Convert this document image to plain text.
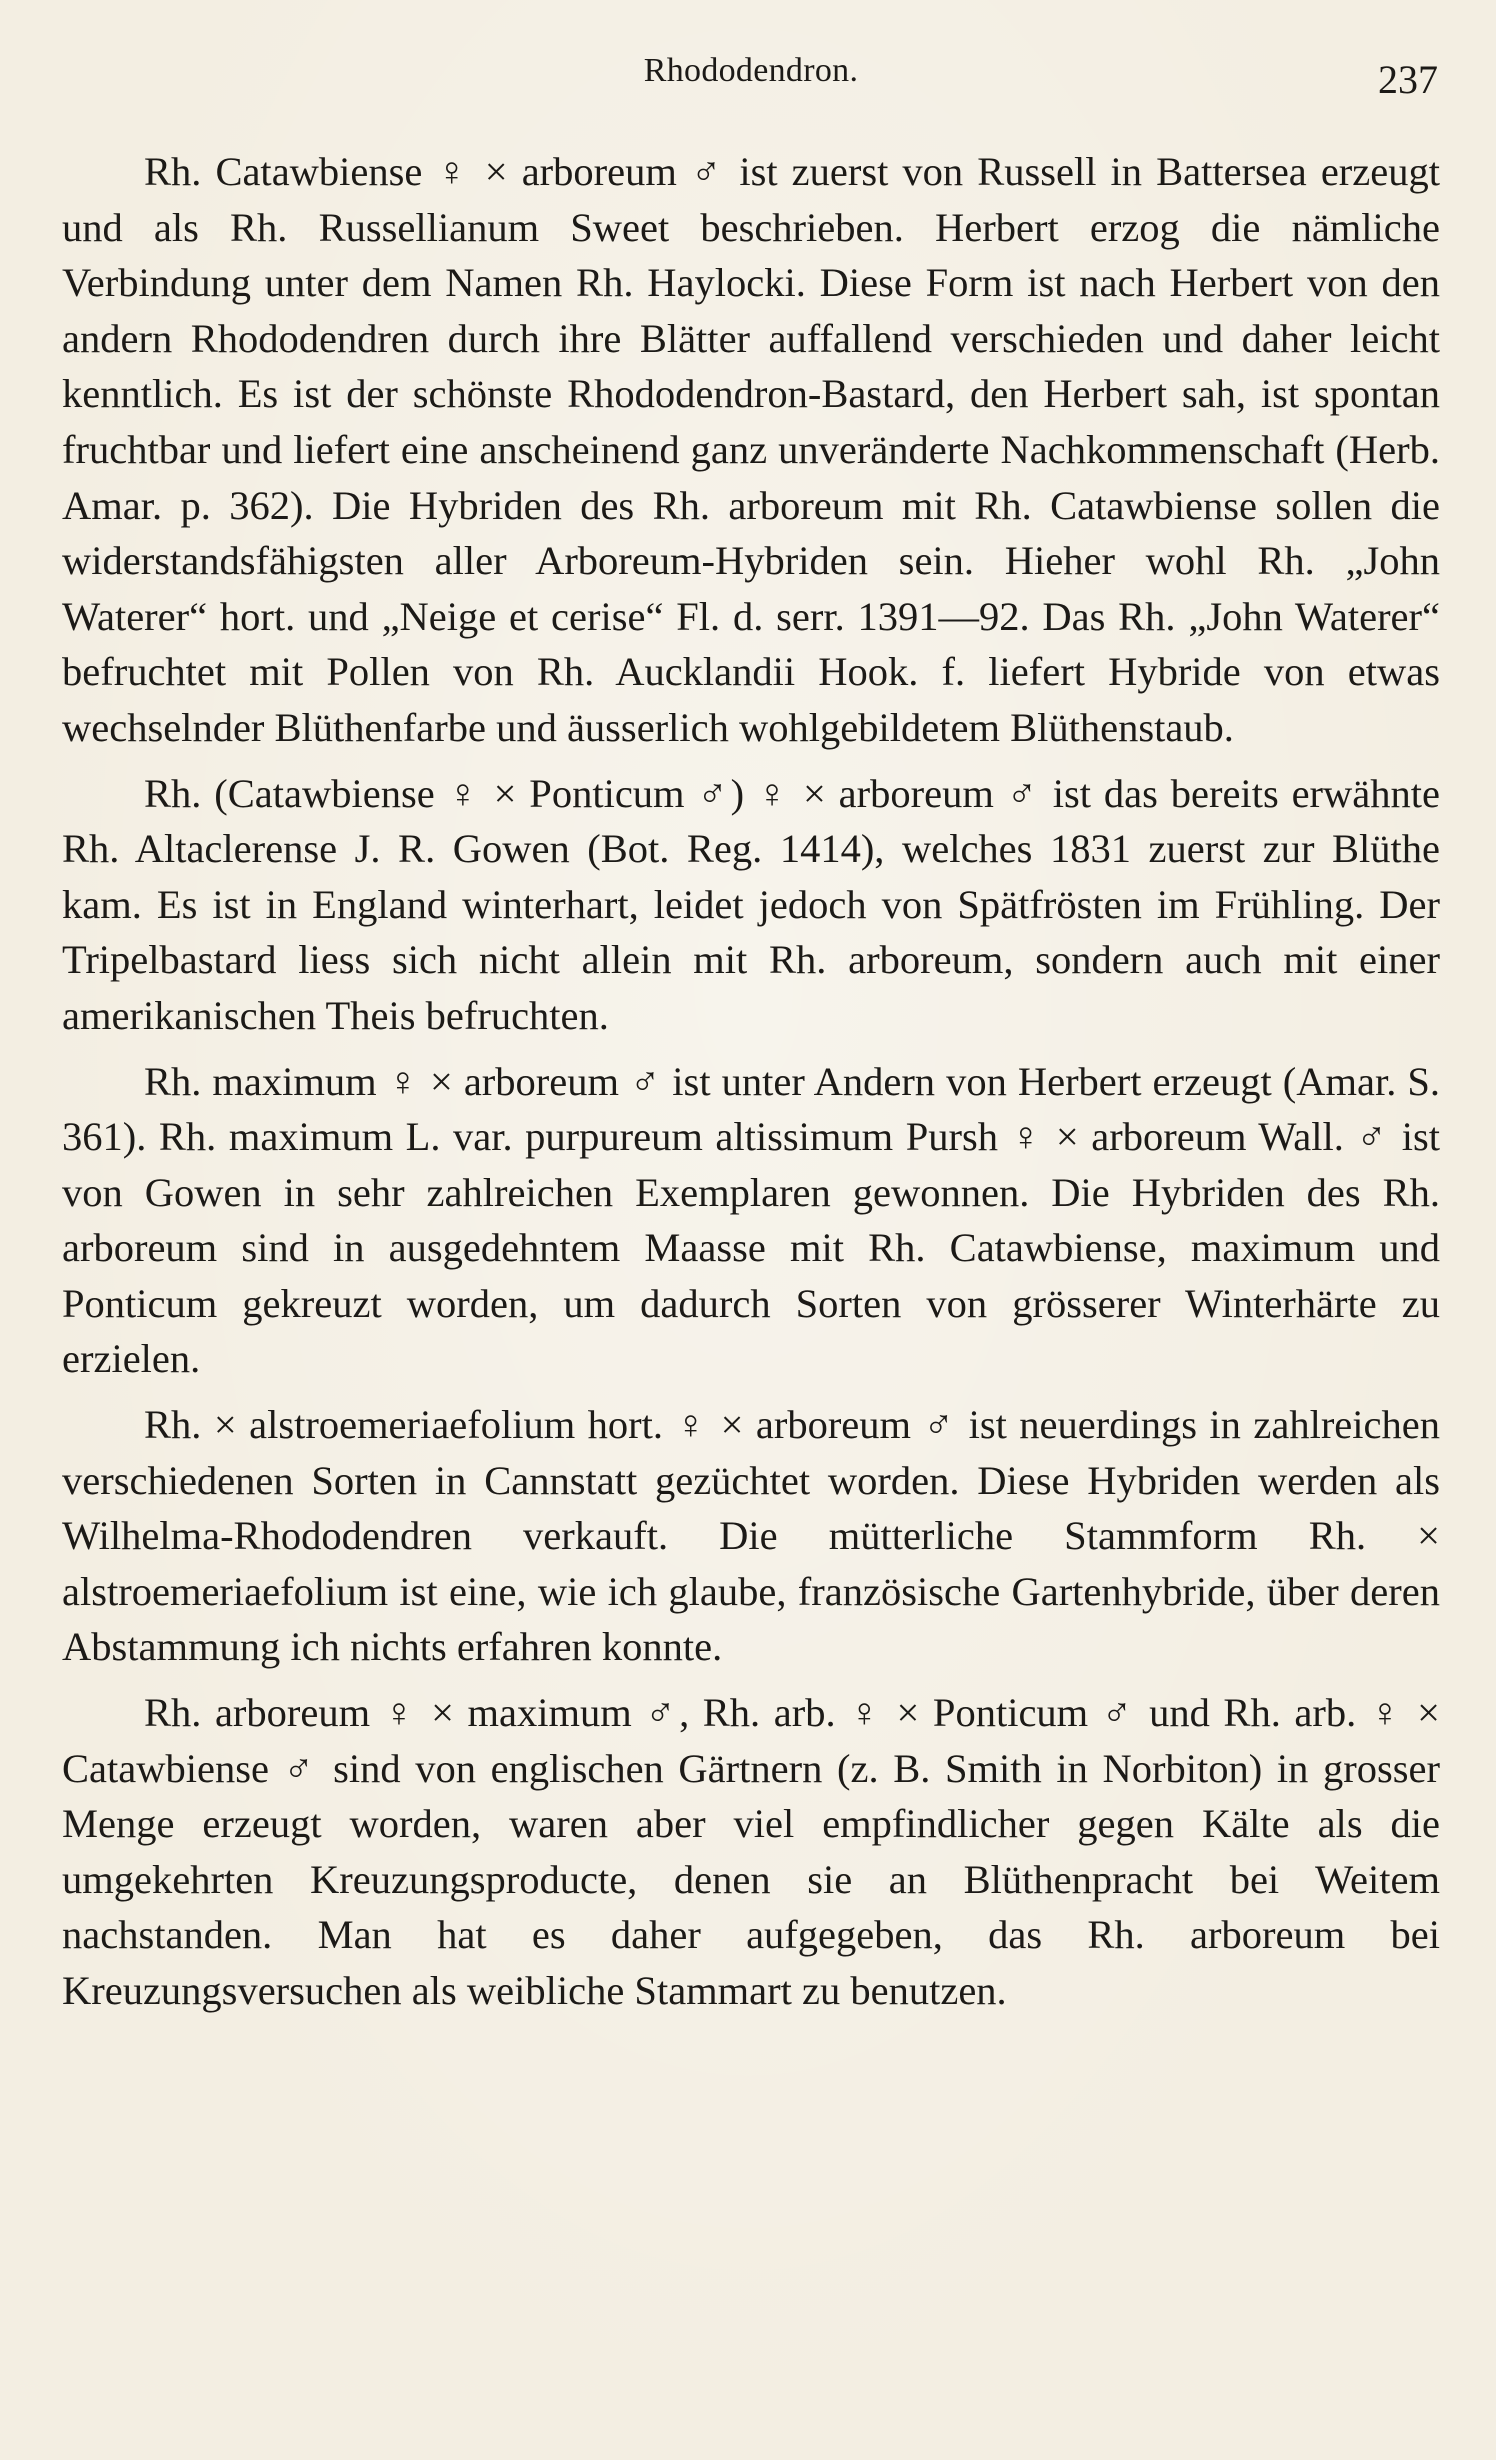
Rhododendron.	237

Rh. Catawbiense ♀ × arboreum ♂ ist zuerst von Russell in Battersea erzeugt und als Rh. Russellianum Sweet beschrieben. Herbert erzog die nämliche Verbindung unter dem Namen Rh. Haylocki. Diese Form ist nach Herbert von den andern Rhododendren durch ihre Blätter auffallend verschieden und daher leicht kenntlich. Es ist der schönste Rhododendron-Bastard, den Herbert sah, ist spontan fruchtbar und liefert eine anscheinend ganz unveränderte Nachkommenschaft (Herb. Amar. p. 362). Die Hybriden des Rh. arboreum mit Rh. Catawbiense sollen die widerstandsfähigsten aller Arboreum-Hybriden sein. Hieher wohl Rh. „John Waterer“ hort. und „Neige et cerise“ Fl. d. serr. 1391—92. Das Rh. „John Waterer“ befruchtet mit Pollen von Rh. Aucklandii Hook. f. liefert Hybride von etwas wechselnder Blüthenfarbe und äusserlich wohlgebildetem Blüthenstaub.

Rh. (Catawbiense ♀ × Ponticum ♂) ♀ × arboreum ♂ ist das bereits erwähnte Rh. Altaclerense J. R. Gowen (Bot. Reg. 1414), welches 1831 zuerst zur Blüthe kam. Es ist in England winterhart, leidet jedoch von Spätfrösten im Frühling. Der Tripelbastard liess sich nicht allein mit Rh. arboreum, sondern auch mit einer amerikanischen Theis befruchten.

Rh. maximum ♀ × arboreum ♂ ist unter Andern von Herbert erzeugt (Amar. S. 361). Rh. maximum L. var. purpureum altissimum Pursh ♀ × arboreum Wall. ♂ ist von Gowen in sehr zahlreichen Exemplaren gewonnen. Die Hybriden des Rh. arboreum sind in ausgedehntem Maasse mit Rh. Catawbiense, maximum und Ponticum gekreuzt worden, um dadurch Sorten von grösserer Winterhärte zu erzielen.

Rh. × alstroemeriaefolium hort. ♀ × arboreum ♂ ist neuerdings in zahlreichen verschiedenen Sorten in Cannstatt gezüchtet worden. Diese Hybriden werden als Wilhelma-Rhododendren verkauft. Die mütterliche Stammform Rh. × alstroemeriaefolium ist eine, wie ich glaube, französische Gartenhybride, über deren Abstammung ich nichts erfahren konnte.

Rh. arboreum ♀ × maximum ♂, Rh. arb. ♀ × Ponticum ♂ und Rh. arb. ♀ × Catawbiense ♂ sind von englischen Gärtnern (z. B. Smith in Norbiton) in grosser Menge erzeugt worden, waren aber viel empfindlicher gegen Kälte als die umgekehrten Kreuzungsproducte, denen sie an Blüthenpracht bei Weitem nachstanden. Man hat es daher aufgegeben, das Rh. arboreum bei Kreuzungsversuchen als weibliche Stammart zu benutzen.
